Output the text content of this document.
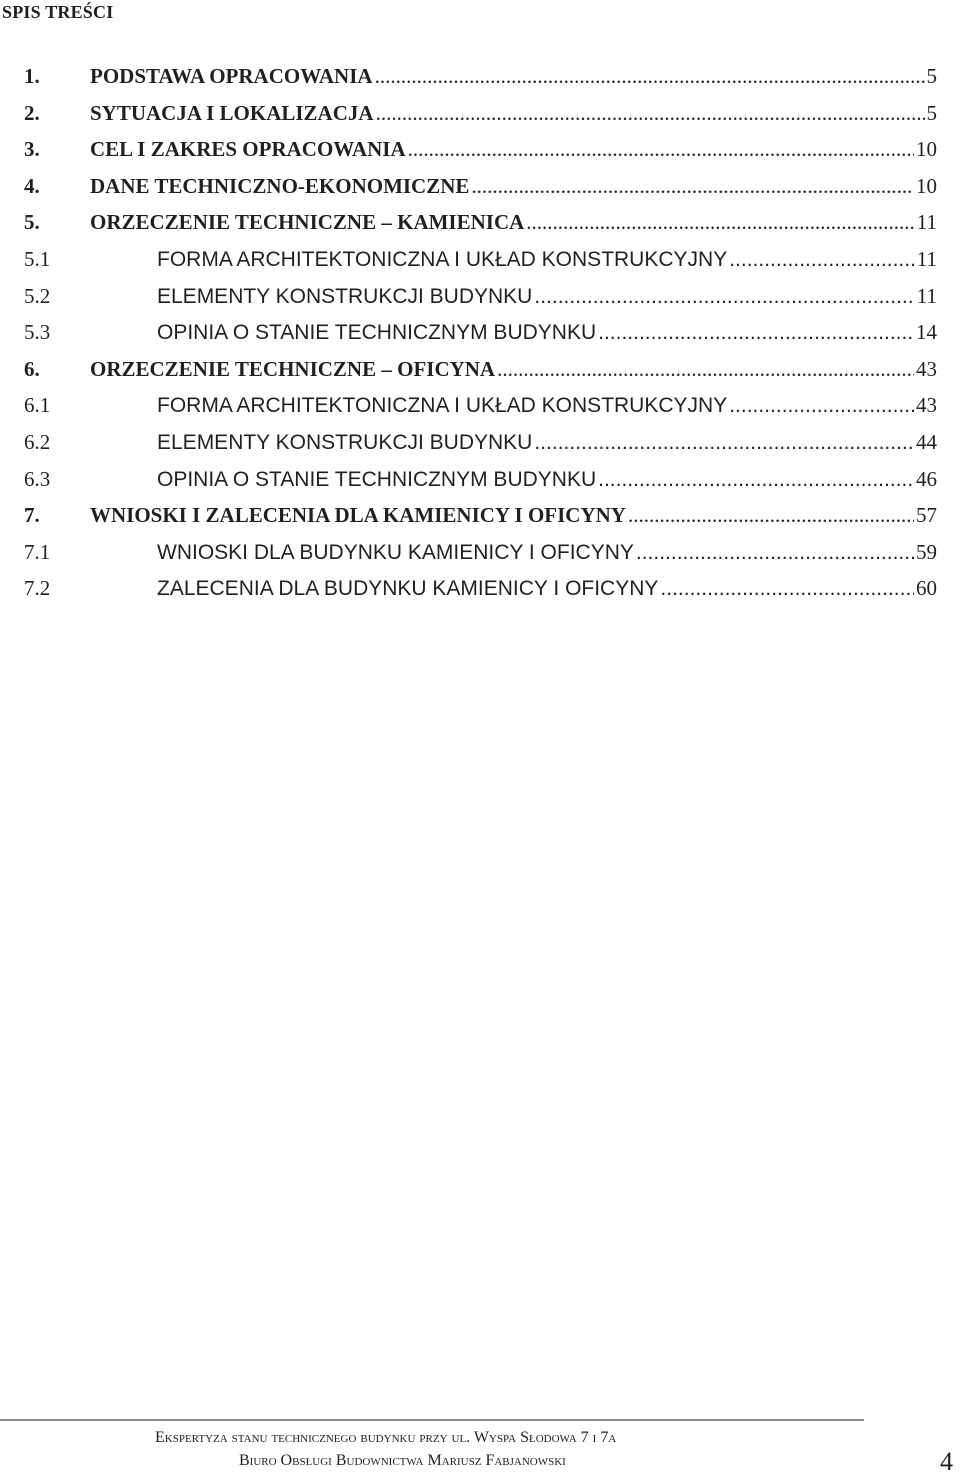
SPIS TREŚCI
1.	PODSTAWA OPRACOWANIA .....	5
2.	SYTUACJA I LOKALIZACJA .....	5
3.	CEL I ZAKRES OPRACOWANIA .....	10
4.	DANE TECHNICZNO-EKONOMICZNE .....	10
5.	ORZECZENIE TECHNICZNE – KAMIENICA .....	11
5.1	FORMA ARCHITEKTONICZNA I UKŁAD KONSTRUKCYJNY .....	11
5.2	ELEMENTY KONSTRUKCJI BUDYNKU .....	11
5.3	OPINIA O STANIE TECHNICZNYM BUDYNKU .....	14
6.	ORZECZENIE TECHNICZNE – OFICYNA .....	43
6.1	FORMA ARCHITEKTONICZNA I UKŁAD KONSTRUKCYJNY .....	43
6.2	ELEMENTY KONSTRUKCJI BUDYNKU .....	44
6.3	OPINIA O STANIE TECHNICZNYM BUDYNKU .....	46
7.	WNIOSKI I ZALECENIA DLA KAMIENICY I OFICYNY .....	57
7.1	WNIOSKI DLA BUDYNKU KAMIENICY I OFICYNY .....	59
7.2	ZALECENIA DLA BUDYNKU KAMIENICY I OFICYNY .....	60
Ekspertyza stanu technicznego budynku przy ul. Wyspa Słodowa 7 i 7a
Biuro Obsługi Budownictwa Mariusz Fabjanowski	4
